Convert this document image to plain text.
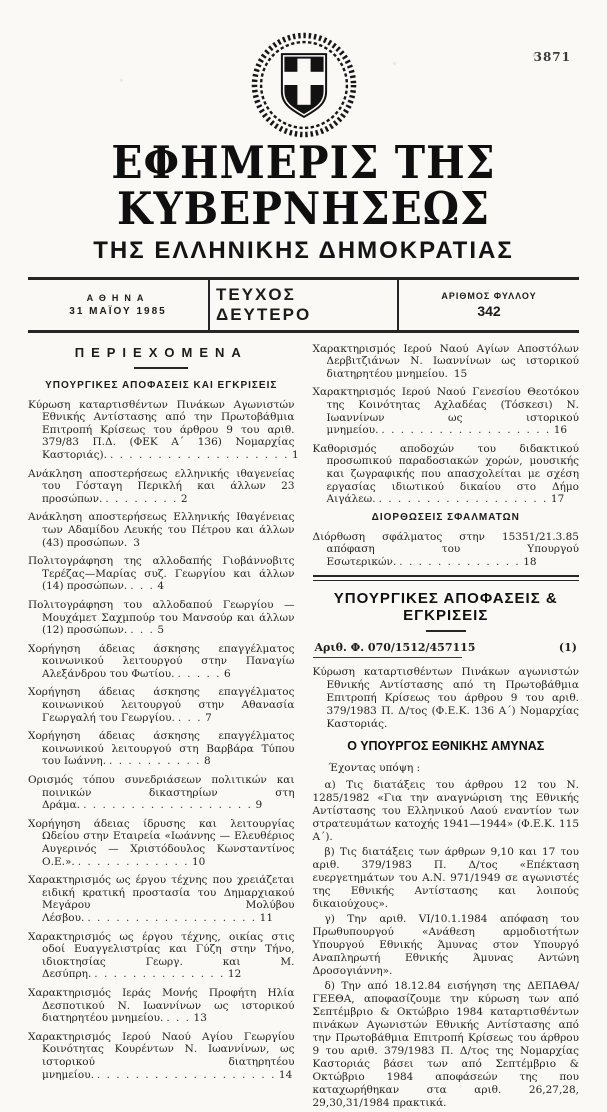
3871
ΕΦΗΜΕΡΙΣ ΤΗΣ ΚΥΒΕΡΝΗΣΕΩΣ
ΤΗΣ ΕΛΛΗΝΙΚΗΣ ΔΗΜΟΚΡΑΤΙΑΣ
ΑΘΗΝΑ
31 ΜΑΪΟΥ 1985
ΤΕΥΧΟΣ ΔΕΥΤΕΡΟ
ΑΡΙΘΜΟΣ ΦΥΛΛΟΥ
342
ΠΕΡΙΕΧΟΜΕΝΑ
ΥΠΟΥΡΓΙΚΕΣ ΑΠΟΦΑΣΕΙΣ ΚΑΙ ΕΓΚΡΙΣΕΙΣ
Κύρωση καταρτισθέντων Πινάκων Αγωνιστών Εθνικής Αντίστασης από την Πρωτοβάθμια Επιτροπή Κρίσεως του άρθρου 9 του αριθ. 379/83 Π.Δ. (ΦΕΚ Α΄ 136) Νομαρχίας Καστοριάς). . . . . . . . . . . . . . . . . . . . 1
Ανάκληση αποστερήσεως ελληνικής ιθαγενείας του Γόσταγη Περικλή και άλλων 23 προσώπων. . . . . . . . . 2
Ανάκληση αποστερήσεως Ελληνικής Ιθαγένειας των Αδαμίδου Λευκής του Πέτρου και άλλων (43) προσώπων. 3
Πολιτογράφηση της αλλοδαπής Γιοβάννοβιτς Τερέζας—Μαρίας συζ. Γεωργίου και άλλων (14) προσώπων. . . . 4
Πολιτογράφηση του αλλοδαπού Γεωργίου — Μουχάμετ Σαχμπούρ του Μανσούρ και άλλων (12) προσώπων. . . . 5
Χορήγηση άδειας άσκησης επαγγέλματος κοινωνικού λειτουργού στην Παναγίω Αλεξάνδρου του Φωτίου. . . . . . 6
Χορήγηση άδειας άσκησης επαγγέλματος κοινωνικού λειτουργού στην Αθανασία Γεωργαλή του Γεωργίου. . . . 7
Χορήγηση άδειας άσκησης επαγγέλματος κοινωνικού λειτουργού στη Βαρβάρα Τύπου του Ιωάννη. . . . . . . . . . . 8
Ορισμός τόπου συνεδριάσεων πολιτικών και ποινικών δικαστηρίων στη Δράμα. . . . . . . . . . . . . . . . . . . 9
Χορήγηση άδειας ίδρυσης και λειτουργίας Ωδείου στην Εταιρεία «Ιωάννης — Ελευθέριος Αυγερινός — Χριστόδουλος Κωνσταντίνος Ο.Ε.». . . . . . . . . . . . . 10
Χαρακτηρισμός ως έργου τέχνης που χρειάζεται ειδική κρατική προστασία του Δημαρχιακού Μεγάρου Μολύβου Λέσβου. . . . . . . . . . . . . . . . . . . 11
Χαρακτηρισμός ως έργου τέχνης, οικίας στις οδοί Ευαγγελιστρίας και Γύζη στην Τήνο, ιδιοκτησίας Γεωργ. και Μ. Δεσύπρη. . . . . . . . . . . . . . . 12
Χαρακτηρισμός Ιεράς Μονής Προφήτη Ηλία Δεσποτικού Ν. Ιωαννίνων ως ιστορικού διατηρητέου μνημείου. . . . 13
Χαρακτηρισμός Ιερού Ναού Αγίου Γεωργίου Κοινότητας Κουρέντων Ν. Ιωαννίνων, ως ιστορικού διατηρητέου μνημείου. . . . . . . . . . . . . . . . . . . . 14
Χαρακτηρισμός Ιερού Ναού Αγίων Αποστόλων Δερβιτζιάνων Ν. Ιωαννίνων ως ιστορικού διατηρητέου μνημείου. 15
Χαρακτηρισμός Ιερού Ναού Γενεσίου Θεοτόκου της Κοινότητας Αχλαδέας (Τόσκεσι) Ν. Ιωαννίνων ως ιστορικού μνημείου. . . . . . . . . . . . . . . . . . . 16
Καθορισμός αποδοχών του διδακτικού προσωπικού παραδοσιακών χορών, μουσικής και ζωγραφικής που απασχολείται με σχέση εργασίας ιδιωτικού δικαίου στο Δήμο Αιγάλεω. . . . . . . . . . . . . . . . . . . 17
ΔΙΟΡΘΩΣΕΙΣ ΣΦΑΛΜΑΤΩΝ
Διόρθωση σφάλματος στην 15351/21.3.85 απόφαση του Υπουργού Εσωτερικών. . . . . . . . . . . . . . 18
ΥΠΟΥΡΓΙΚΕΣ ΑΠΟΦΑΣΕΙΣ & ΕΓΚΡΙΣΕΙΣ
Αριθ. Φ. 070/1512/457115	(1)
Κύρωση καταρτισθέντων Πινάκων αγωνιστών Εθνικής Αντίστασης από τη Πρωτοβάθμια Επιτροπή Κρίσεως του άρθρου 9 του αριθ. 379/1983 Π. Δ/τος (Φ.Ε.Κ. 136 Α΄) Νομαρχίας Καστοριάς.
Ο ΥΠΟΥΡΓΟΣ ΕΘΝΙΚΗΣ ΑΜΥΝΑΣ
Έχοντας υπόψη :
α) Τις διατάξεις του άρθρου 12 του Ν. 1285/1982 «Για την αναγνώριση της Εθνικής Αντίστασης του Ελληνικού Λαού εναντίον των στρατευμάτων κατοχής 1941—1944» (Φ.Ε.Κ. 115 Α΄).
β) Τις διατάξεις των άρθρων 9,10 και 17 του αριθ. 379/1983 Π. Δ/τος «Επέκταση ευεργετημάτων του Α.Ν. 971/1949 σε αγωνιστές της Εθνικής Αντίστασης και λοιπούς δικαιούχους».
γ) Την αριθ. VI/10.1.1984 απόφαση του Πρωθυπουργού «Ανάθεση αρμοδιοτήτων Υπουργού Εθνικής Άμυνας στον Υπουργό Αναπληρωτή Εθνικής Άμυνας Αντώνη Δροσογιάννη».
δ) Την από 18.12.84 εισήγηση της ΔΕΠΑΘΑ/ΓΕΕΘΑ, αποφασίζουμε την κύρωση των από Σεπτέμβριο & Οκτώβριο 1984 καταρτισθέντων πινάκων Αγωνιστών Εθνικής Αντίστασης από την Πρωτοβάθμια Επιτροπή Κρίσεως του άρθρου 9 του αριθ. 379/1983 Π. Δ/τος της Νομαρχίας Καστοριάς βάσει των από Σεπτέμβριο & Οκτώβριο 1984 αποφάσεών της που καταχωρήθηκαν στα αριθ. 26,27,28, 29,30,31/1984 πρακτικά.
